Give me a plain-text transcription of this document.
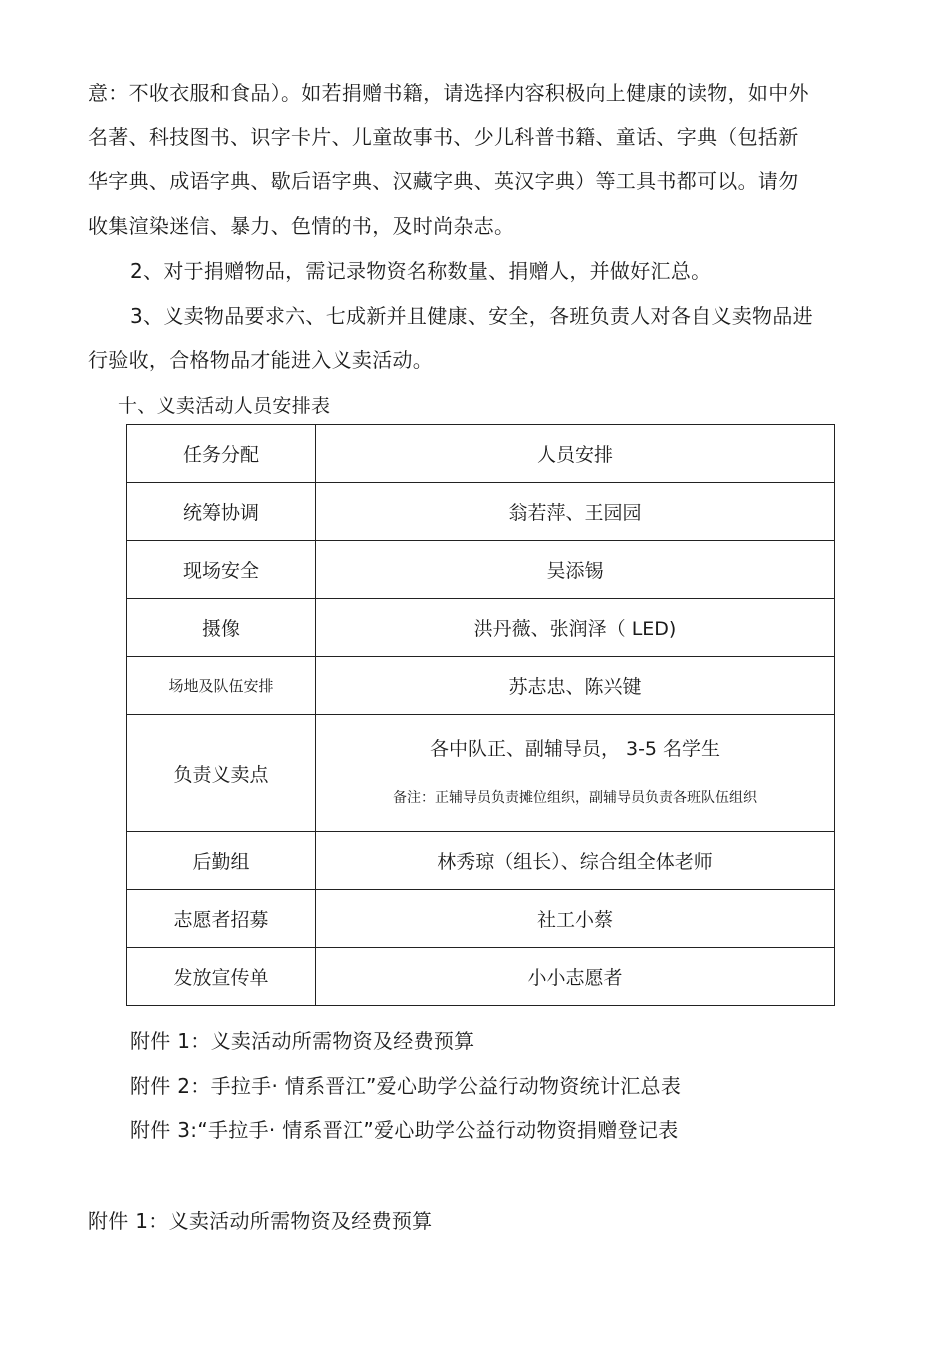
意：不收衣服和食品）。如若捐赠书籍，请选择内容积极向上健康的读物，如中外
名著、科技图书、识字卡片、儿童故事书、少儿科普书籍、童话、字典（包括新
华字典、成语字典、歇后语字典、汉藏字典、英汉字典）等工具书都可以。请勿
收集渲染迷信、暴力、色情的书，及时尚杂志。
2、对于捐赠物品，需记录物资名称数量、捐赠人，并做好汇总。
3、义卖物品要求六、七成新并且健康、安全，各班负责人对各自义卖物品进
行验收，合格物品才能进入义卖活动。
十、义卖活动人员安排表
任务分配	人员安排
统筹协调	翁若萍、王园园
现场安全	吴添锡
摄像	洪丹薇、张润泽（ LED)
场地及队伍安排	苏志忠、陈兴键
负责义卖点	各中队正、副辅导员， 3-5 名学生
备注：正辅导员负责摊位组织，副辅导员负责各班队伍组织

后勤组	林秀琼（组长）、综合组全体老师
志愿者招募	社工小蔡
发放宣传单	小小志愿者
附件 1：义卖活动所需物资及经费预算
附件 2：手拉手· 情系晋江”爱心助学公益行动物资统计汇总表
附件 3:“手拉手· 情系晋江”爱心助学公益行动物资捐赠登记表
附件 1：义卖活动所需物资及经费预算
